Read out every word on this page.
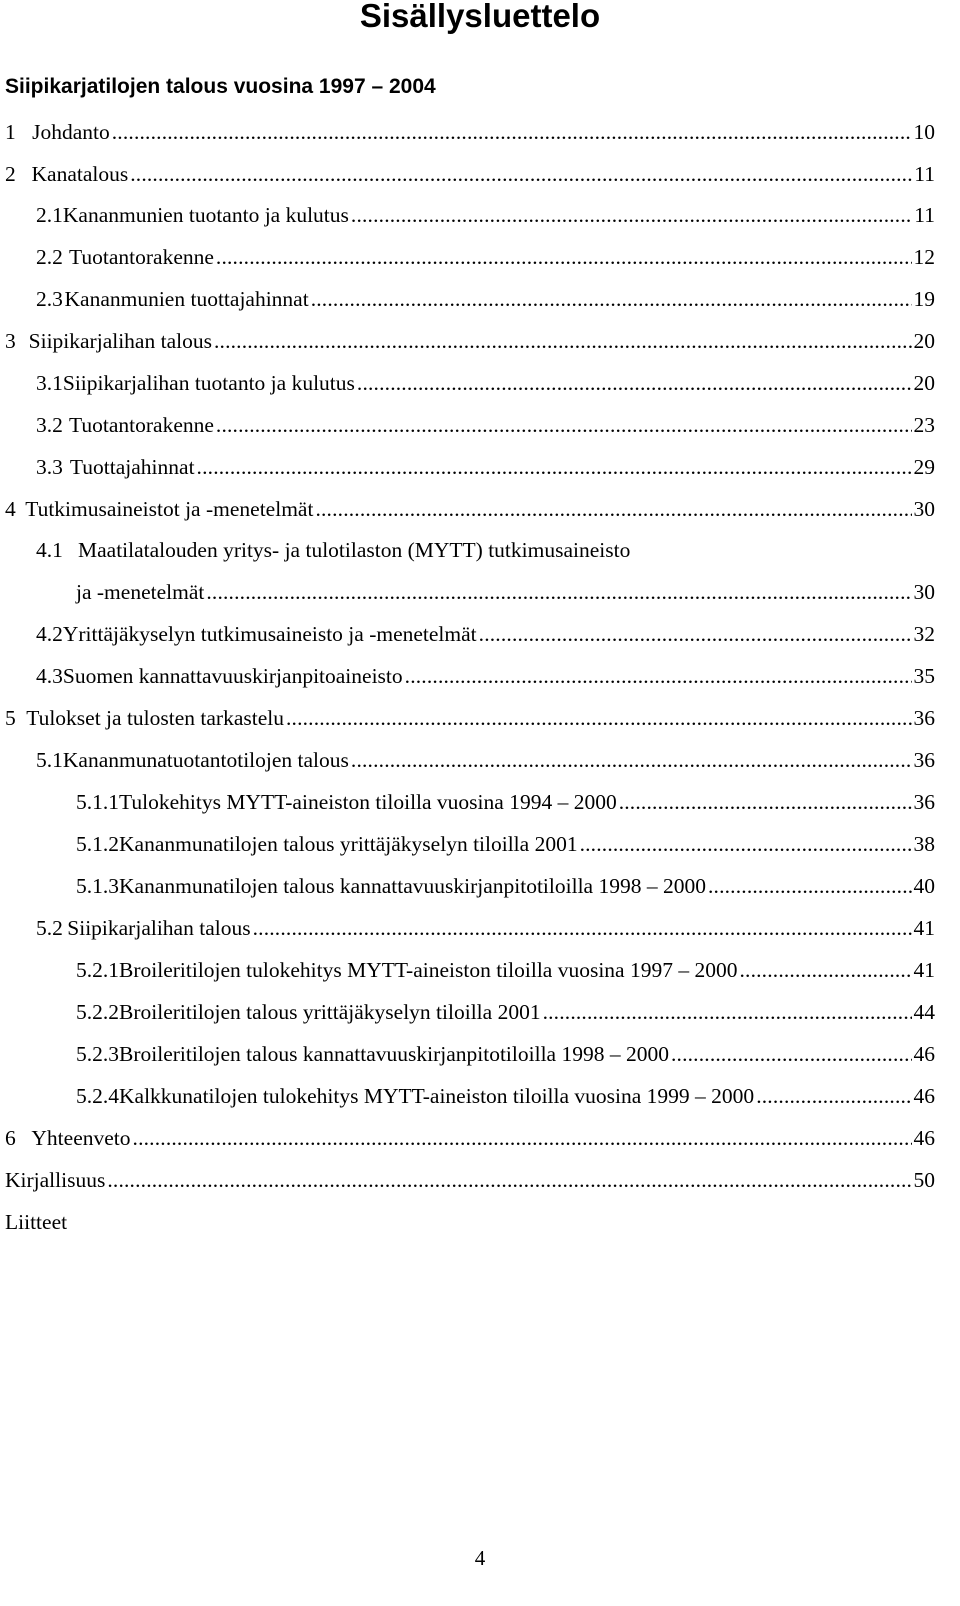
Sisällysluettelo
Siipikarjatilojen talous vuosina 1997 – 2004
1 Johdanto . . .	10
2 Kanatalous . . .	11
2.1 Kananmunien tuotanto ja kulutus . . .	11
2.2 Tuotantorakenne . . .	12
2.3 Kananmunien tuottajahinnat . . .	19
3 Siipikarjalihan talous . . .	20
3.1 Siipikarjalihan tuotanto ja kulutus . . .	20
3.2 Tuotantorakenne . . .	23
3.3 Tuottajahinnat . . .	29
4 Tutkimusaineistot ja -menetelmät . . .	30
4.1 Maatilatalouden yritys- ja tulotilaston (MYTT) tutkimusaineisto
ja -menetelmät . . .	30
4.2 Yrittäjäkyselyn tutkimusaineisto ja -menetelmät . . .	32
4.3 Suomen kannattavuuskirjanpitoaineisto . . .	35
5 Tulokset ja tulosten tarkastelu . . .	36
5.1 Kananmunatuotantotilojen talous . . .	36
5.1.1 Tulokehitys MYTT-aineiston tiloilla vuosina 1994 – 2000 . . .	36
5.1.2 Kananmunatilojen talous yrittäjäkyselyn tiloilla 2001 . . .	38
5.1.3 Kananmunatilojen talous kannattavuuskirjanpitotiloilla 1998 – 2000 . . .	40
5.2 Siipikarjalihan talous . . .	41
5.2.1 Broileritilojen tulokehitys MYTT-aineiston tiloilla vuosina 1997 – 2000 . . .	41
5.2.2 Broileritilojen talous yrittäjäkyselyn tiloilla 2001 . . .	44
5.2.3 Broileritilojen talous kannattavuuskirjanpitotiloilla 1998 – 2000 . . .	46
5.2.4 Kalkkunatilojen tulokehitys MYTT-aineiston tiloilla vuosina 1999 – 2000 . . .	46
6 Yhteenveto . . .	46
Kirjallisuus . . .	50
Liitteet
4
